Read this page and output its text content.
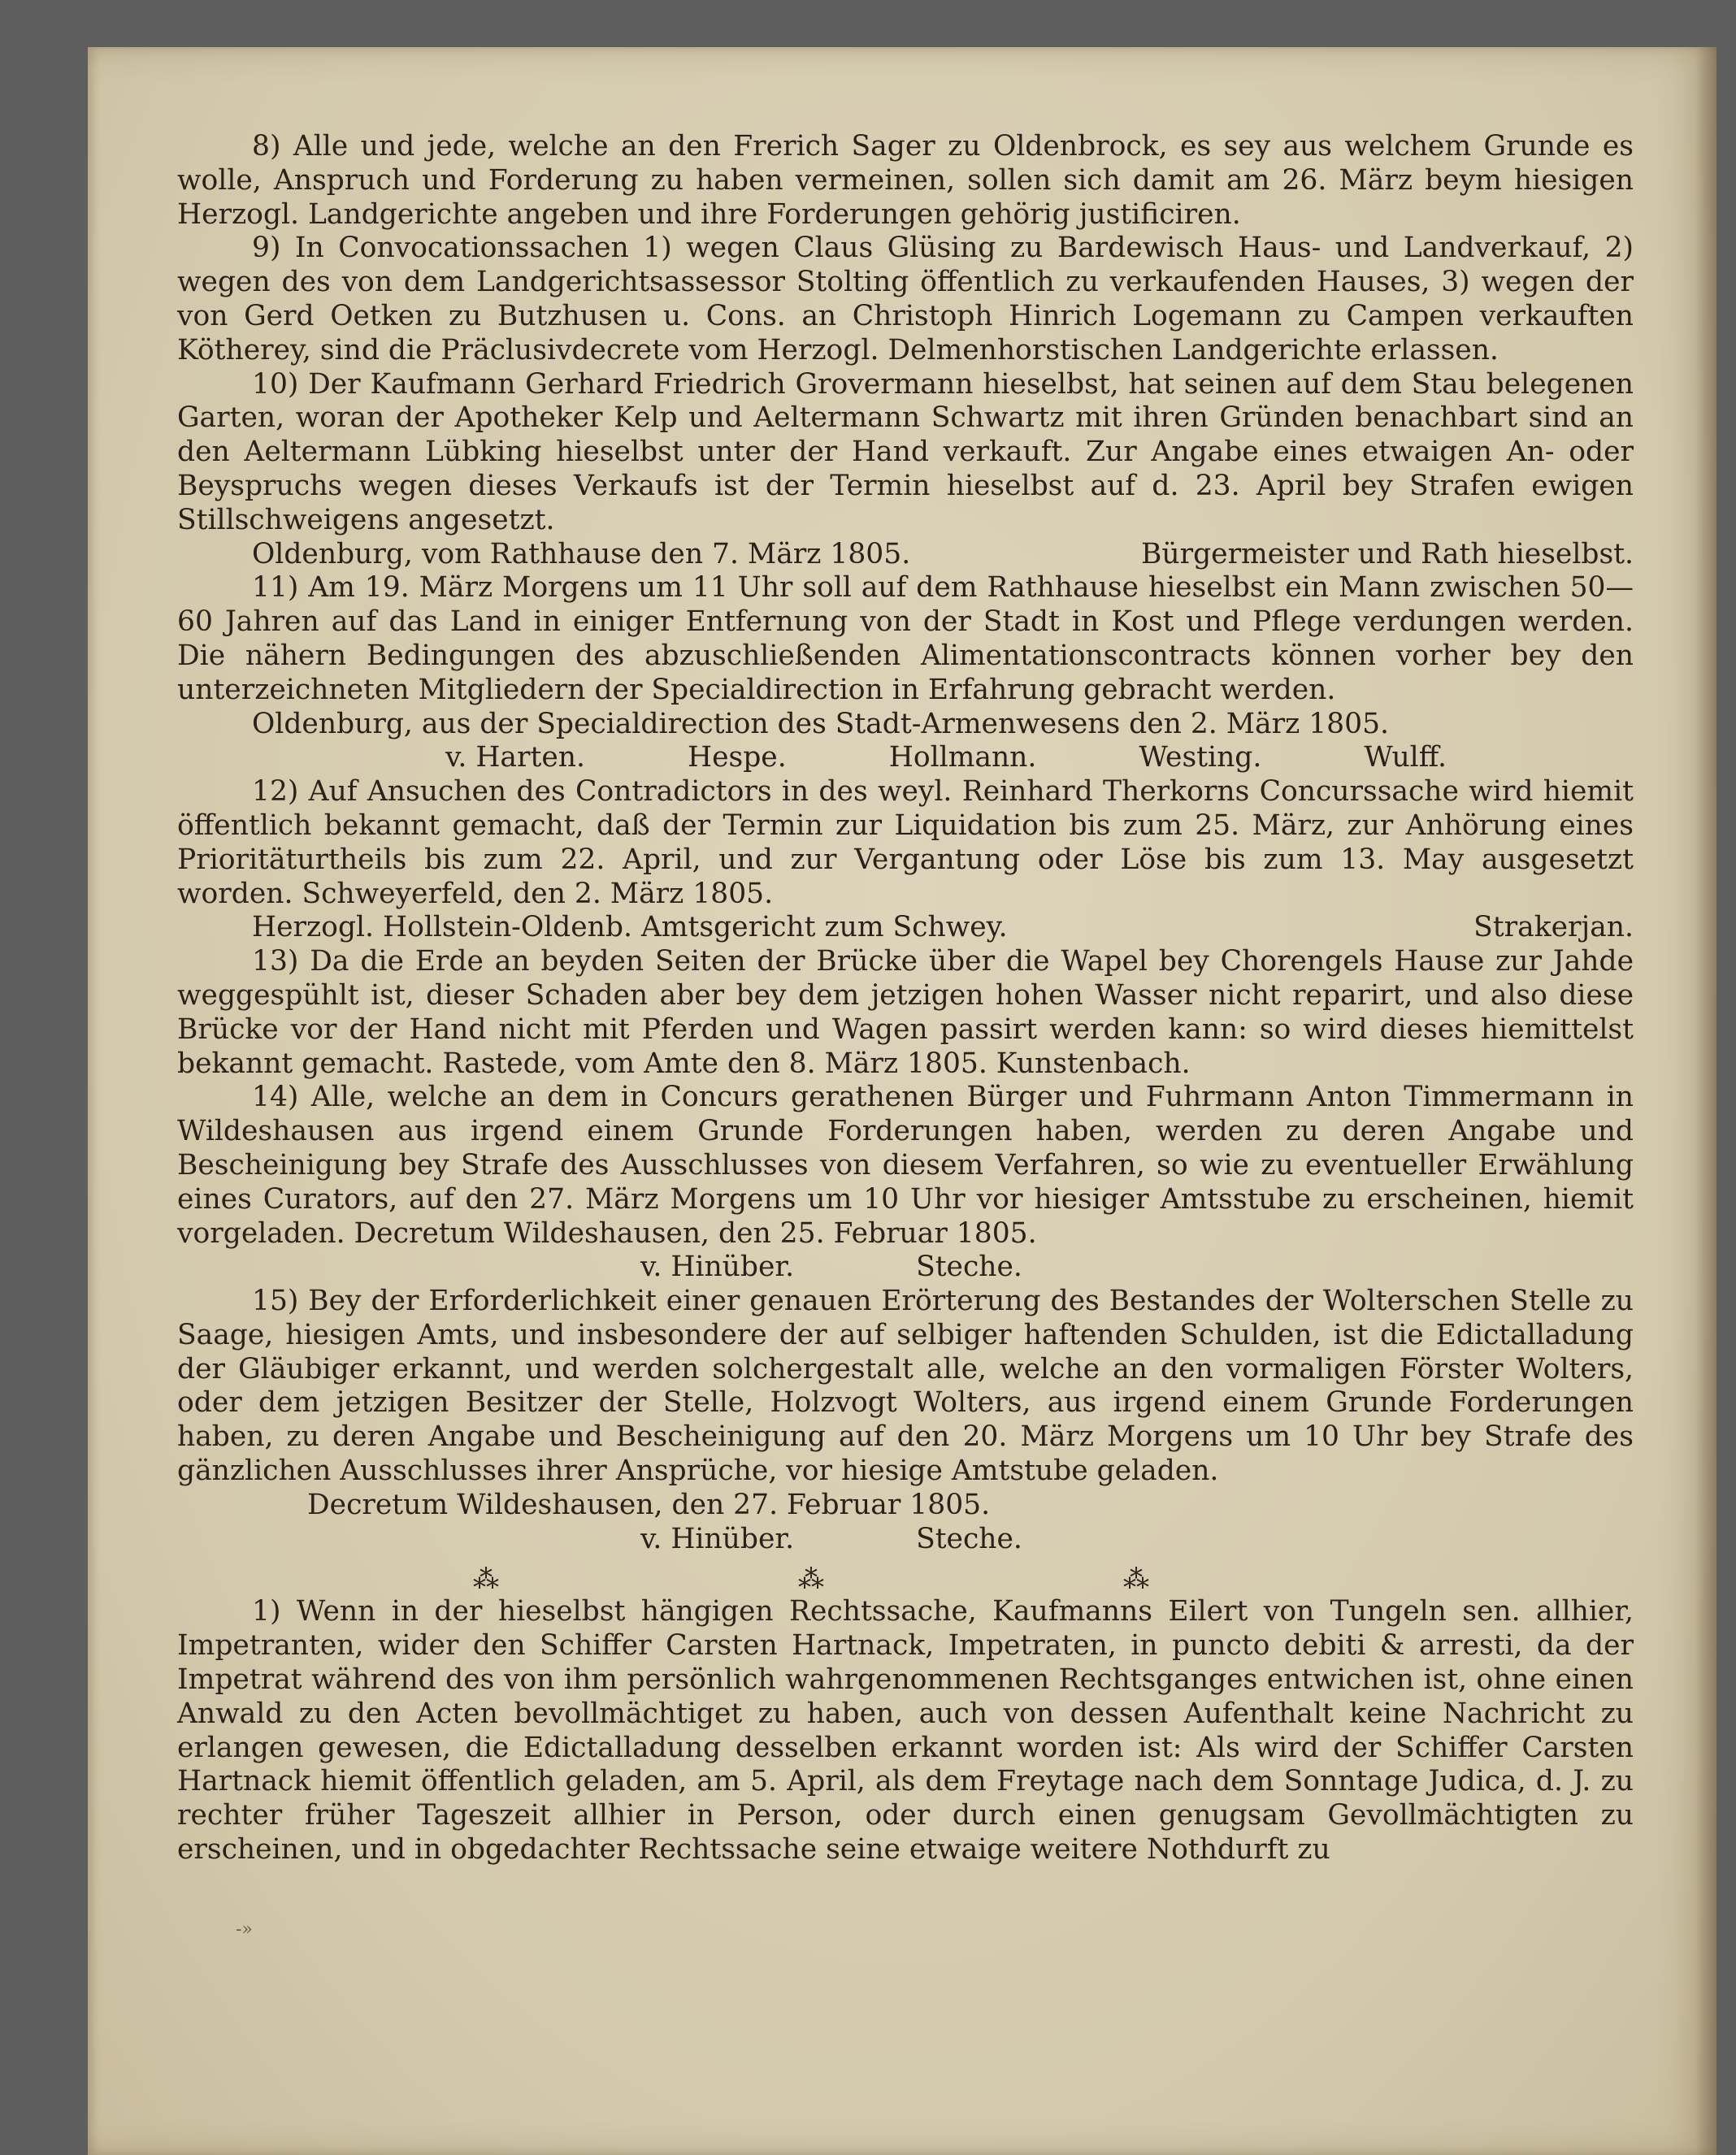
8) Alle und jede, welche an den Frerich Sager zu Oldenbrock, es sey aus welchem Grunde es wolle, Anspruch und Forderung zu haben vermeinen, sollen sich damit am 26. März beym hiesigen Herzogl. Landgerichte angeben und ihre Forderungen gehörig justificiren.

9) In Convocationssachen 1) wegen Claus Glüsing zu Bardewisch Haus- und Landverkauf, 2) wegen des von dem Landgerichtsassessor Stolting öffentlich zu verkaufenden Hauses, 3) wegen der von Gerd Oetken zu Butzhusen u. Cons. an Christoph Hinrich Logemann zu Campen verkauften Kötherey, sind die Präclusivdecrete vom Herzogl. Delmenhorstischen Landgerichte erlassen.

10) Der Kaufmann Gerhard Friedrich Grovermann hieselbst, hat seinen auf dem Stau belegenen Garten, woran der Apotheker Kelp und Aeltermann Schwartz mit ihren Gründen benachbart sind an den Aeltermann Lübking hieselbst unter der Hand verkauft. Zur Angabe eines etwaigen An- oder Beyspruchs wegen dieses Verkaufs ist der Termin hieselbst auf d. 23. April bey Strafen ewigen Stillschweigens angesetzt.

Oldenburg, vom Rathhause den 7. März 1805.	Bürgermeister und Rath hieselbst.

11) Am 19. März Morgens um 11 Uhr soll auf dem Rathhause hieselbst ein Mann zwischen 50—60 Jahren auf das Land in einiger Entfernung von der Stadt in Kost und Pflege verdungen werden. Die nähern Bedingungen des abzuschließenden Alimentationscontracts können vorher bey den unterzeichneten Mitgliedern der Specialdirection in Erfahrung gebracht werden.

Oldenburg, aus der Specialdirection des Stadt-Armenwesens den 2. März 1805.
v. Harten.	Hespe.	Hollmann.	Westing.	Wulff.

12) Auf Ansuchen des Contradictors in des weyl. Reinhard Therkorns Concurssache wird hiemit öffentlich bekannt gemacht, daß der Termin zur Liquidation bis zum 25. März, zur Anhörung eines Prioritäturtheils bis zum 22. April, und zur Vergantung oder Löse bis zum 13. May ausgesetzt worden. Schweyerfeld, den 2. März 1805.

Herzogl. Hollstein-Oldenb. Amtsgericht zum Schwey.	Strakerjan.

13) Da die Erde an beyden Seiten der Brücke über die Wapel bey Chorengels Hause zur Jahde weggespühlt ist, dieser Schaden aber bey dem jetzigen hohen Wasser nicht reparirt, und also diese Brücke vor der Hand nicht mit Pferden und Wagen passirt werden kann: so wird dieses hiemittelst bekannt gemacht. Rastede, vom Amte den 8. März 1805. Kunstenbach.

14) Alle, welche an dem in Concurs gerathenen Bürger und Fuhrmann Anton Timmermann in Wildeshausen aus irgend einem Grunde Forderungen haben, werden zu deren Angabe und Bescheinigung bey Strafe des Ausschlusses von diesem Verfahren, so wie zu eventueller Erwählung eines Curators, auf den 27. März Morgens um 10 Uhr vor hiesiger Amtsstube zu erscheinen, hiemit vorgeladen. Decretum Wildeshausen, den 25. Februar 1805.

v. Hinüber.	Steche.

15) Bey der Erforderlichkeit einer genauen Erörterung des Bestandes der Wolterschen Stelle zu Saage, hiesigen Amts, und insbesondere der auf selbiger haftenden Schulden, ist die Edictalladung der Gläubiger erkannt, und werden solchergestalt alle, welche an den vormaligen Förster Wolters, oder dem jetzigen Besitzer der Stelle, Holzvogt Wolters, aus irgend einem Grunde Forderungen haben, zu deren Angabe und Bescheinigung auf den 20. März Morgens um 10 Uhr bey Strafe des gänzlichen Ausschlusses ihrer Ansprüche, vor hiesige Amtstube geladen.

Decretum Wildeshausen, den 27. Februar 1805.
v. Hinüber.	Steche.
⁂	⁂	⁂

1) Wenn in der hieselbst hängigen Rechtssache, Kaufmanns Eilert von Tungeln sen. allhier, Impetranten, wider den Schiffer Carsten Hartnack, Impetraten, in puncto debiti & arresti, da der Impetrat während des von ihm persönlich wahrgenommenen Rechtsganges entwichen ist, ohne einen Anwald zu den Acten bevollmächtiget zu haben, auch von dessen Aufenthalt keine Nachricht zu erlangen gewesen, die Edictalladung desselben erkannt worden ist: Als wird der Schiffer Carsten Hartnack hiemit öffentlich geladen, am 5. April, als dem Freytage nach dem Sonntage Judica, d. J. zu rechter früher Tageszeit allhier in Person, oder durch einen genugsam Gevollmächtigten zu erscheinen, und in obgedachter Rechtssache seine etwaige weitere Nothdurft zu

-»
